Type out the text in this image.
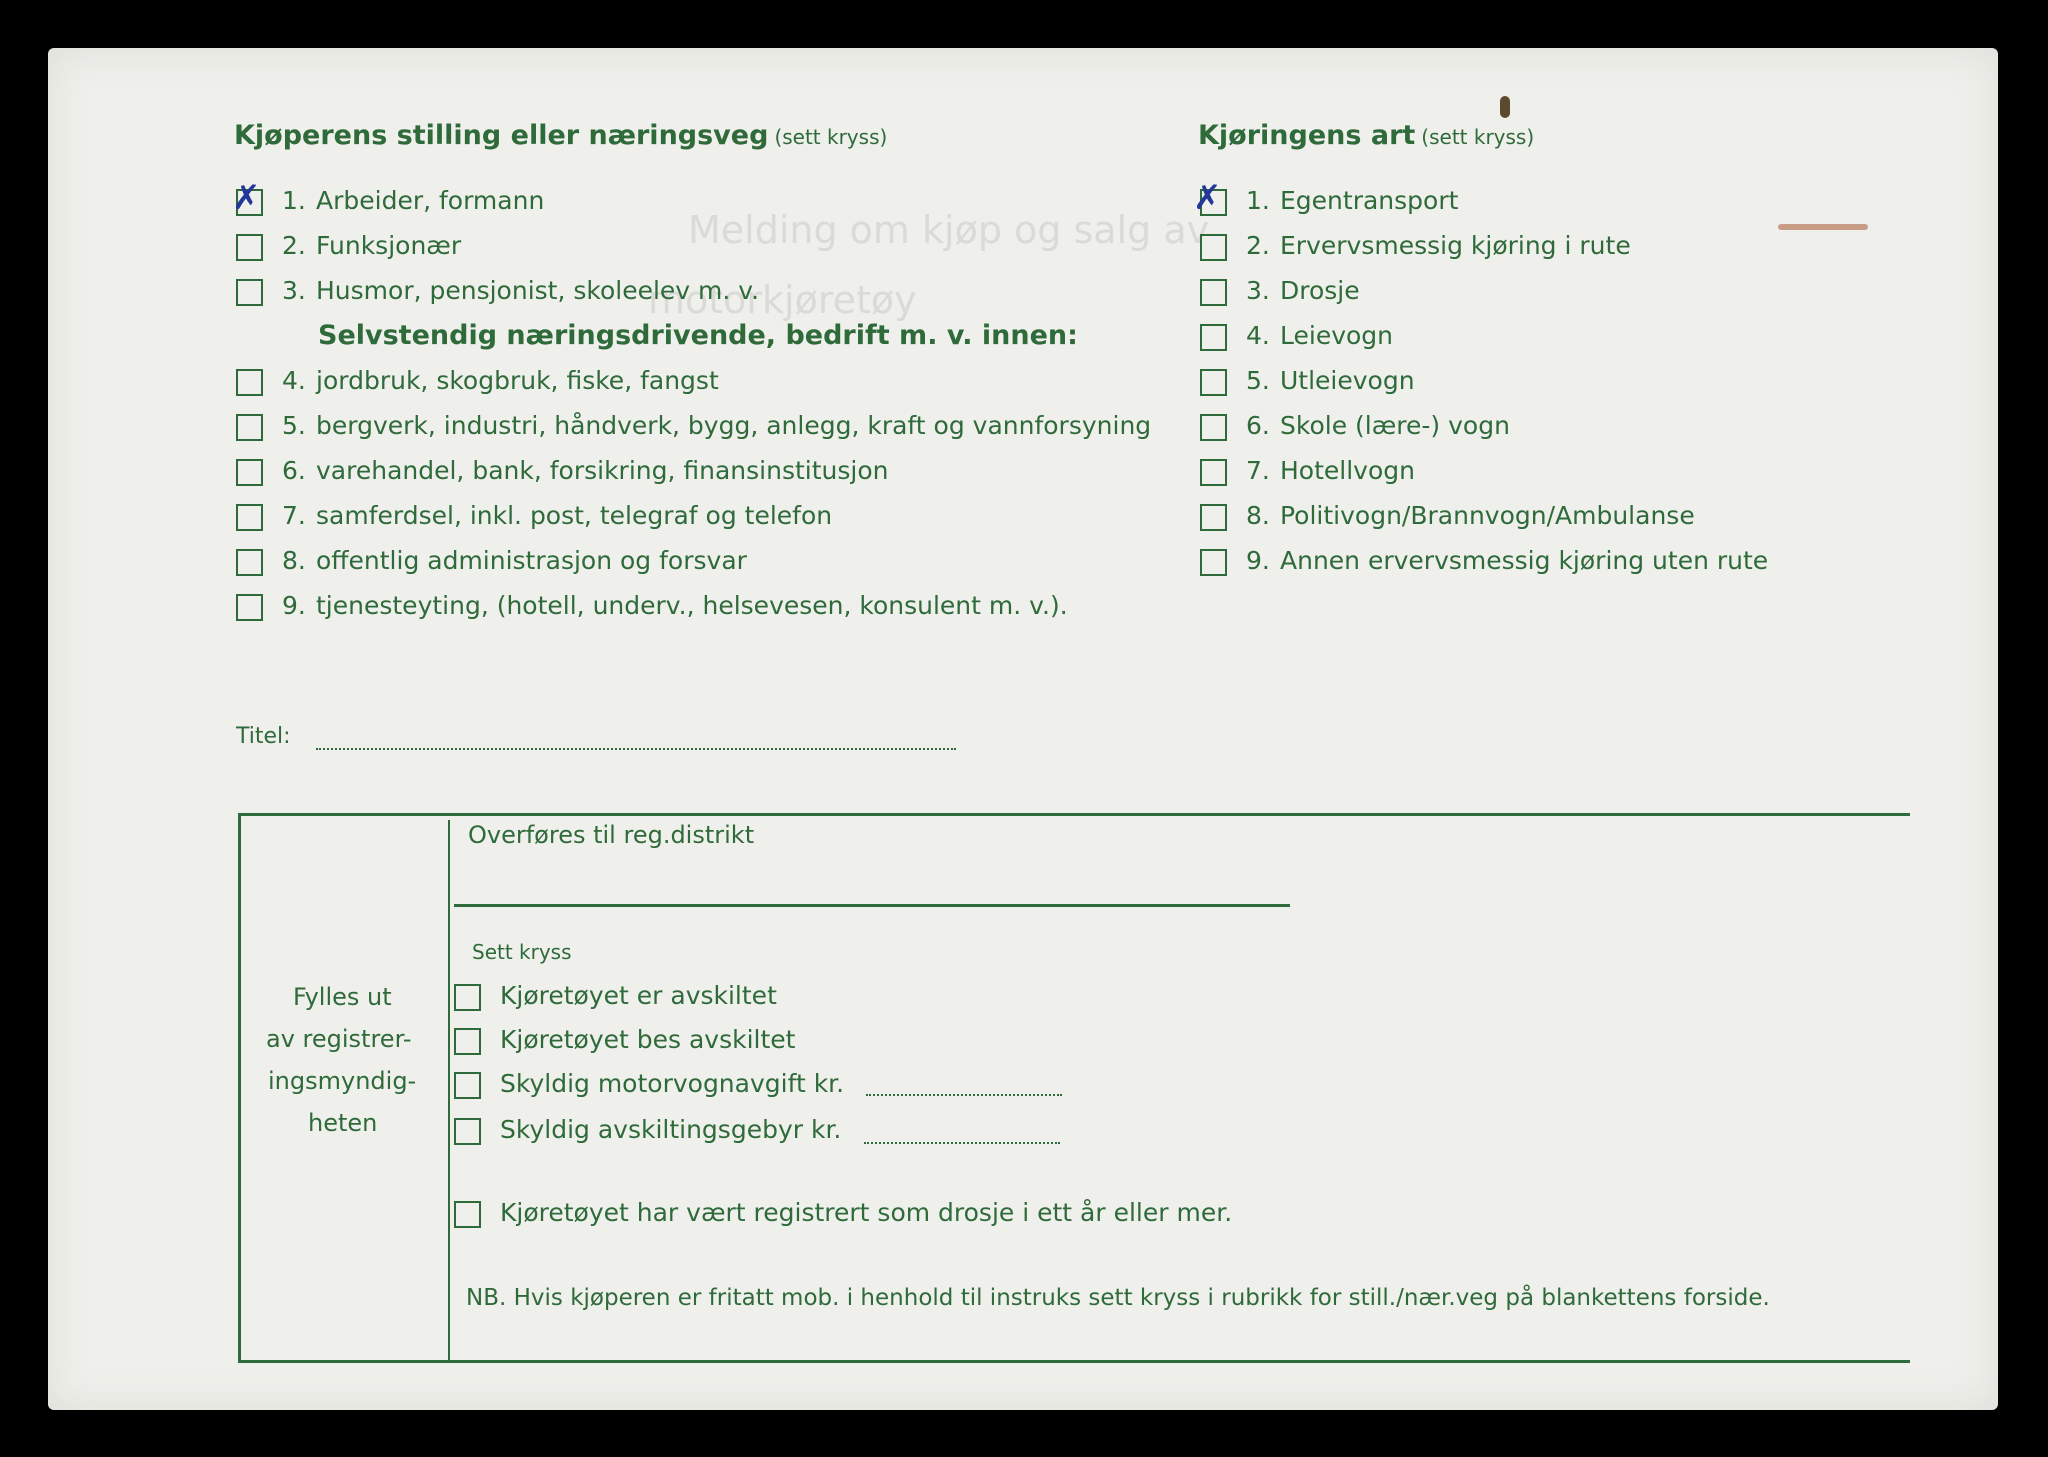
Melding om kjøp og salg av
motorkjøretøy
Kjøperens stilling eller næringsveg (sett kryss)
✗ 1. Arbeider, formann
2. Funksjonær
3. Husmor, pensjonist, skoleelev m. v.
Selvstendig næringsdrivende, bedrift m. v. innen:
4. jordbruk, skogbruk, fiske, fangst
5. bergverk, industri, håndverk, bygg, anlegg, kraft og vannforsyning
6. varehandel, bank, forsikring, finansinstitusjon
7. samferdsel, inkl. post, telegraf og telefon
8. offentlig administrasjon og forsvar
9. tjenesteyting, (hotell, underv., helsevesen, konsulent m. v.).
Titel:
Kjøringens art (sett kryss)
✗ 1. Egentransport
2. Ervervsmessig kjøring i rute
3. Drosje
4. Leievogn
5. Utleievogn
6. Skole (lære-) vogn
7. Hotellvogn
8. Politivogn/Brannvogn/Ambulanse
9. Annen ervervsmessig kjøring uten rute
Fylles ut
av registrer-
ingsmyndig-
heten
Overføres til reg.distrikt
Sett kryss
Kjøretøyet er avskiltet
Kjøretøyet bes avskiltet
Skyldig motorvognavgift kr.
Skyldig avskiltingsgebyr kr.
Kjøretøyet har vært registrert som drosje i ett år eller mer.
NB. Hvis kjøperen er fritatt mob. i henhold til instruks sett kryss i rubrikk for still./nær.veg på blankettens forside.
